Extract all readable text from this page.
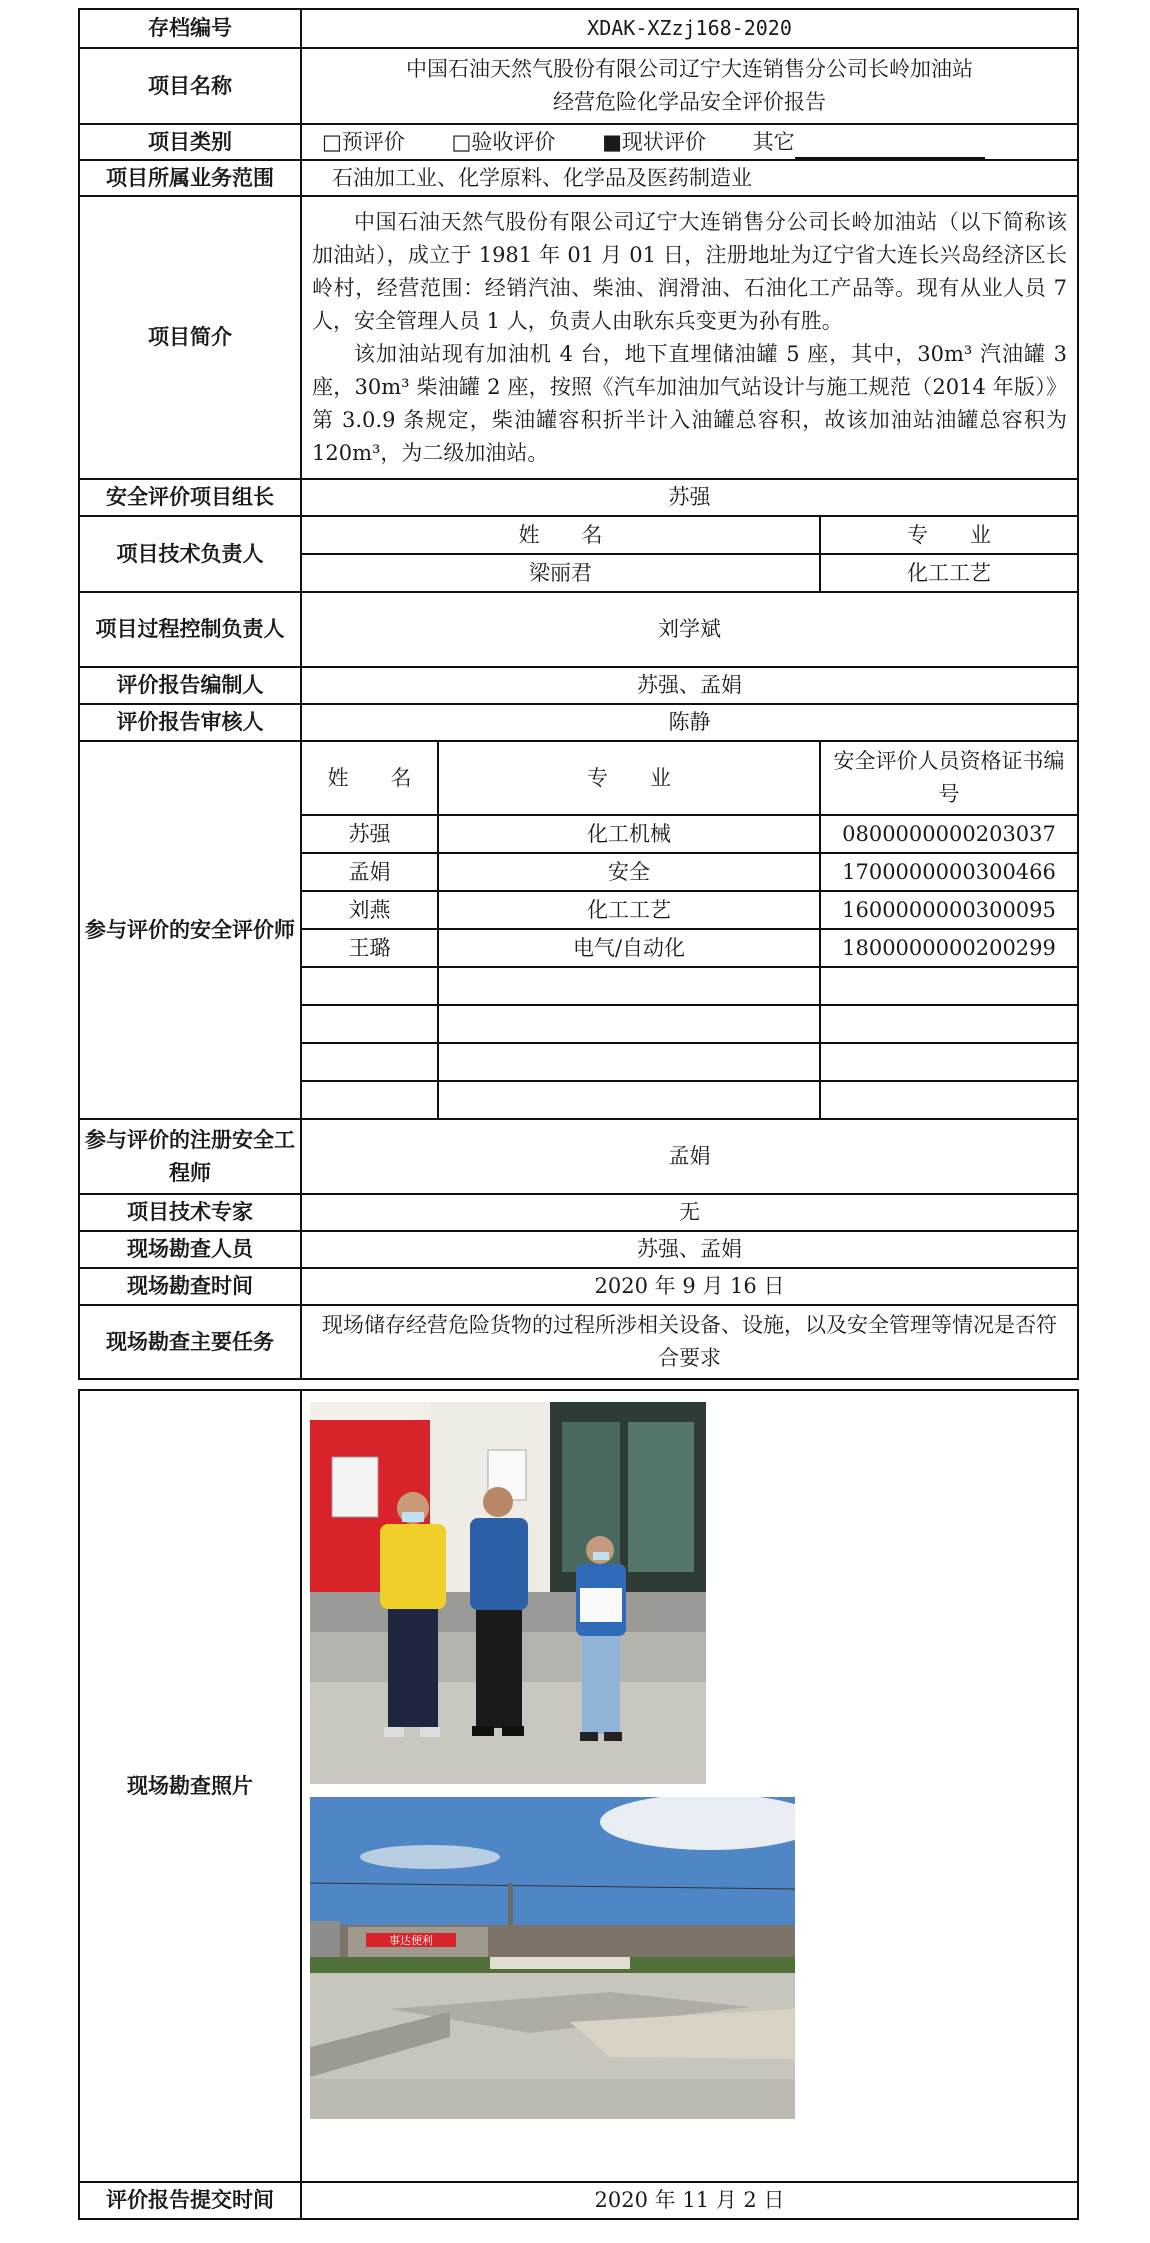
存档编号	XDAK-XZzj168-2020		
项目名称	中国石油天然气股份有限公司辽宁大连销售分公司长岭加油站
经营危险化学品安全评价报告		

项目类别	□预评价 □验收评价 ■现状评价 其它		
项目所属业务范围	石油加工业、化学原料、化学品及医药制造业		
项目简介	中国石油天然气股份有限公司辽宁大连销售分公司长岭加油站（以下简称该加油站），成立于 1981 年 01 月 01 日，注册地址为辽宁省大连长兴岛经济区长岭村，经营范围：经销汽油、柴油、润滑油、石油化工产品等。现有从业人员 7 人，安全管理人员 1 人，负责人由耿东兵变更为孙有胜。

该加油站现有加油机 4 台，地下直埋储油罐 5 座，其中，30m³ 汽油罐 3 座，30m³ 柴油罐 2 座，按照《汽车加油加气站设计与施工规范（2014 年版）》第 3.0.9 条规定，柴油罐容积折半计入油罐总容积，故该加油站油罐总容积为 120m³，为二级加油站。		

安全评价项目组长	苏强		
项目技术负责人	姓　　名		专　　业
	梁丽君		化工工艺
项目过程控制负责人	刘学斌		
评价报告编制人	苏强、孟娟		
评价报告审核人	陈静		
参与评价的安全评价师	姓　　名	专　　业	安全评价人员资格证书编号
	苏强	化工机械	0800000000203037
	孟娟	安全	1700000000300466
	刘燕	化工工艺	1600000000300095
	王璐	电气/自动化	1800000000200299

参与评价的注册安全工程师	孟娟		
项目技术专家	无		
现场勘查人员	苏强、孟娟		
现场勘查时间	2020 年 9 月 16 日		
现场勘查主要任务	现场储存经营危险货物的过程所涉相关设备、设施，以及安全管理等情况是否符合要求		
现场勘查照片	事达便利

评价报告提交时间	2020 年 11 月 2 日
